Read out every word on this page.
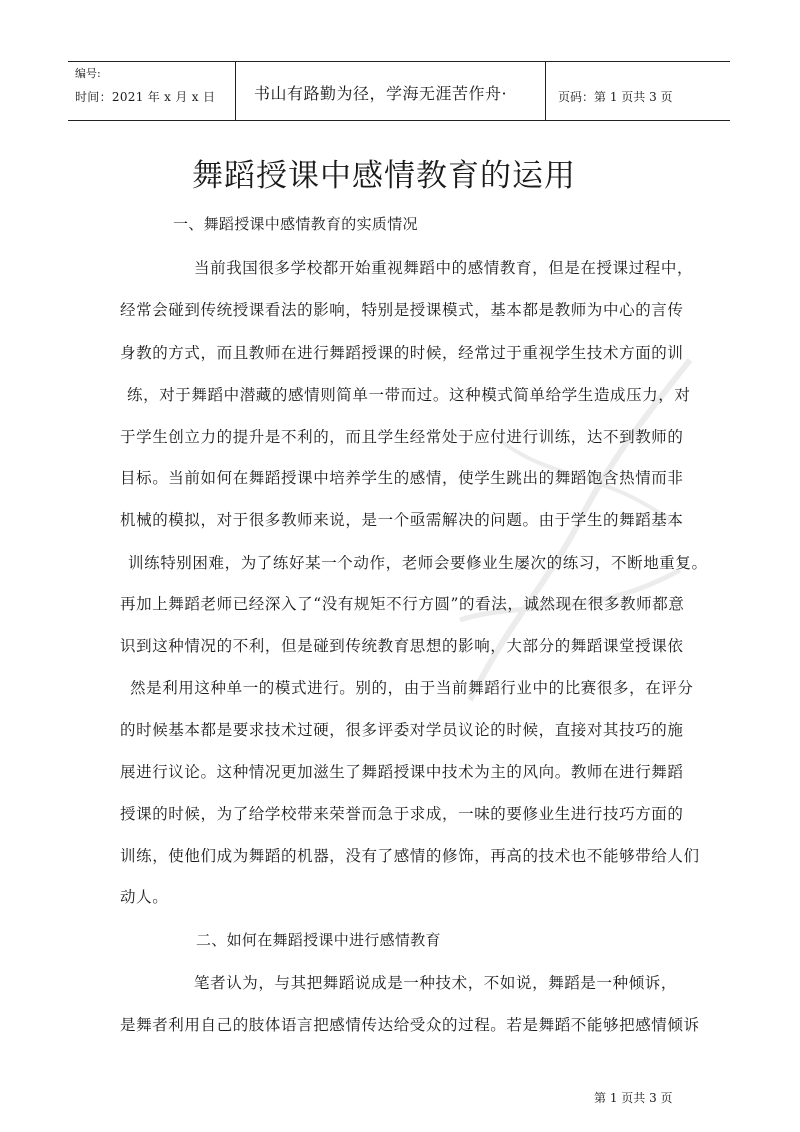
编号:
时间：2021 年 x 月 x 日 书山有路勤为径，学海无涯苦作舟·	页码：第 1 页共 3 页
舞蹈授课中感情教育的运用
一、舞蹈授课中感情教育的实质情况
当前我国很多学校都开始重视舞蹈中的感情教育，但是在授课过程中，
经常会碰到传统授课看法的影响，特别是授课模式，基本都是教师为中心的言传
身教的方式，而且教师在进行舞蹈授课的时候，经常过于重视学生技术方面的训
练，对于舞蹈中潜藏的感情则简单一带而过。这种模式简单给学生造成压力，对
于学生创立力的提升是不利的，而且学生经常处于应付进行训练，达不到教师的
目标。当前如何在舞蹈授课中培养学生的感情，使学生跳出的舞蹈饱含热情而非
机械的模拟，对于很多教师来说，是一个亟需解决的问题。由于学生的舞蹈基本
训练特别困难，为了练好某一个动作，老师会要修业生屡次的练习，不断地重复。
再加上舞蹈老师已经深入了“没有规矩不行方圆”的看法，诚然现在很多教师都意
识到这种情况的不利，但是碰到传统教育思想的影响，大部分的舞蹈课堂授课依
然是利用这种单一的模式进行。别的，由于当前舞蹈行业中的比赛很多，在评分
的时候基本都是要求技术过硬，很多评委对学员议论的时候，直接对其技巧的施
展进行议论。这种情况更加滋生了舞蹈授课中技术为主的风向。教师在进行舞蹈
授课的时候，为了给学校带来荣誉而急于求成，一味的要修业生进行技巧方面的
训练，使他们成为舞蹈的机器，没有了感情的修饰，再高的技术也不能够带给人们
动人。
二、如何在舞蹈授课中进行感情教育
笔者认为，与其把舞蹈说成是一种技术，不如说，舞蹈是一种倾诉，
是舞者利用自己的肢体语言把感情传达给受众的过程。若是舞蹈不能够把感情倾诉
第 1 页共 3 页
